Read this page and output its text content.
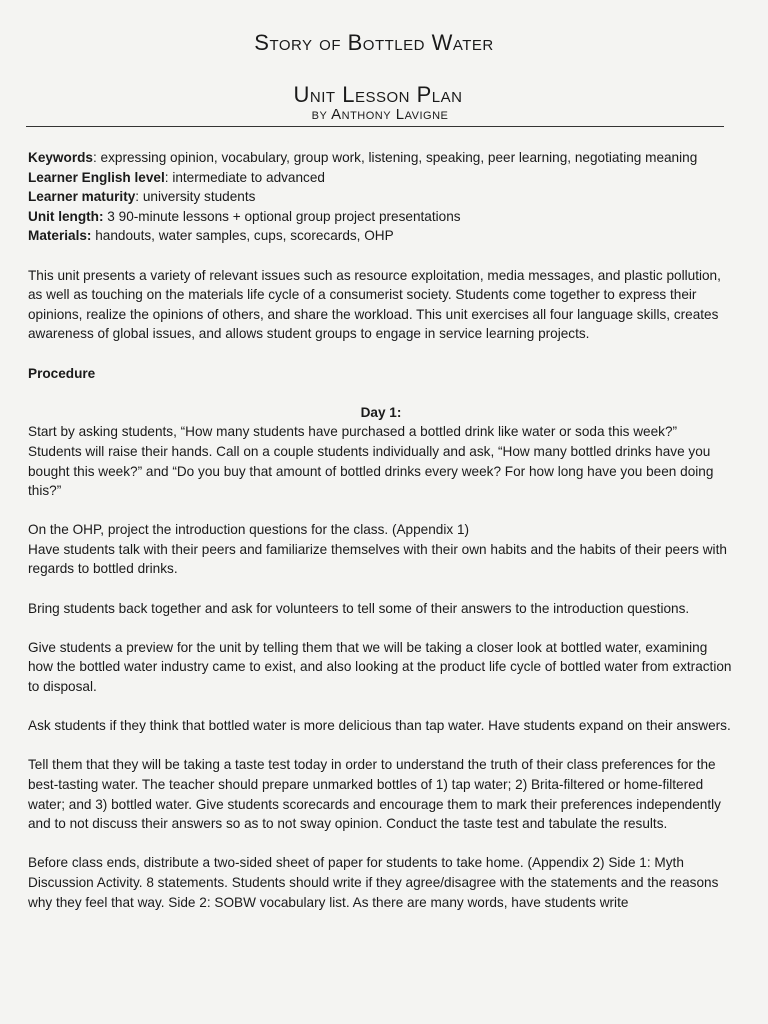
Story of Bottled Water
Unit Lesson Plan
by Anthony Lavigne
Keywords: expressing opinion, vocabulary, group work, listening, speaking, peer learning, negotiating meaning
Learner English level: intermediate to advanced
Learner maturity: university students
Unit length: 3 90-minute lessons + optional group project presentations
Materials: handouts, water samples, cups, scorecards, OHP

This unit presents a variety of relevant issues such as resource exploitation, media messages, and plastic pollution, as well as touching on the materials life cycle of a consumerist society. Students come together to express their opinions, realize the opinions of others, and share the workload. This unit exercises all four language skills, creates awareness of global issues, and allows student groups to engage in service learning projects.

Procedure

Day 1:

Start by asking students, “How many students have purchased a bottled drink like water or soda this week?” Students will raise their hands. Call on a couple students individually and ask, “How many bottled drinks have you bought this week?” and “Do you buy that amount of bottled drinks every week? For how long have you been doing this?”

On the OHP, project the introduction questions for the class. (Appendix 1)

Have students talk with their peers and familiarize themselves with their own habits and the habits of their peers with regards to bottled drinks.

Bring students back together and ask for volunteers to tell some of their answers to the introduction questions.

Give students a preview for the unit by telling them that we will be taking a closer look at bottled water, examining how the bottled water industry came to exist, and also looking at the product life cycle of bottled water from extraction to disposal.

Ask students if they think that bottled water is more delicious than tap water. Have students expand on their answers.

Tell them that they will be taking a taste test today in order to understand the truth of their class preferences for the best-tasting water. The teacher should prepare unmarked bottles of 1) tap water; 2) Brita-filtered or home-filtered water; and 3) bottled water. Give students scorecards and encourage them to mark their preferences independently and to not discuss their answers so as to not sway opinion. Conduct the taste test and tabulate the results.

Before class ends, distribute a two-sided sheet of paper for students to take home. (Appendix 2) Side 1: Myth Discussion Activity. 8 statements. Students should write if they agree/disagree with the statements and the reasons why they feel that way. Side 2: SOBW vocabulary list. As there are many words, have students write
